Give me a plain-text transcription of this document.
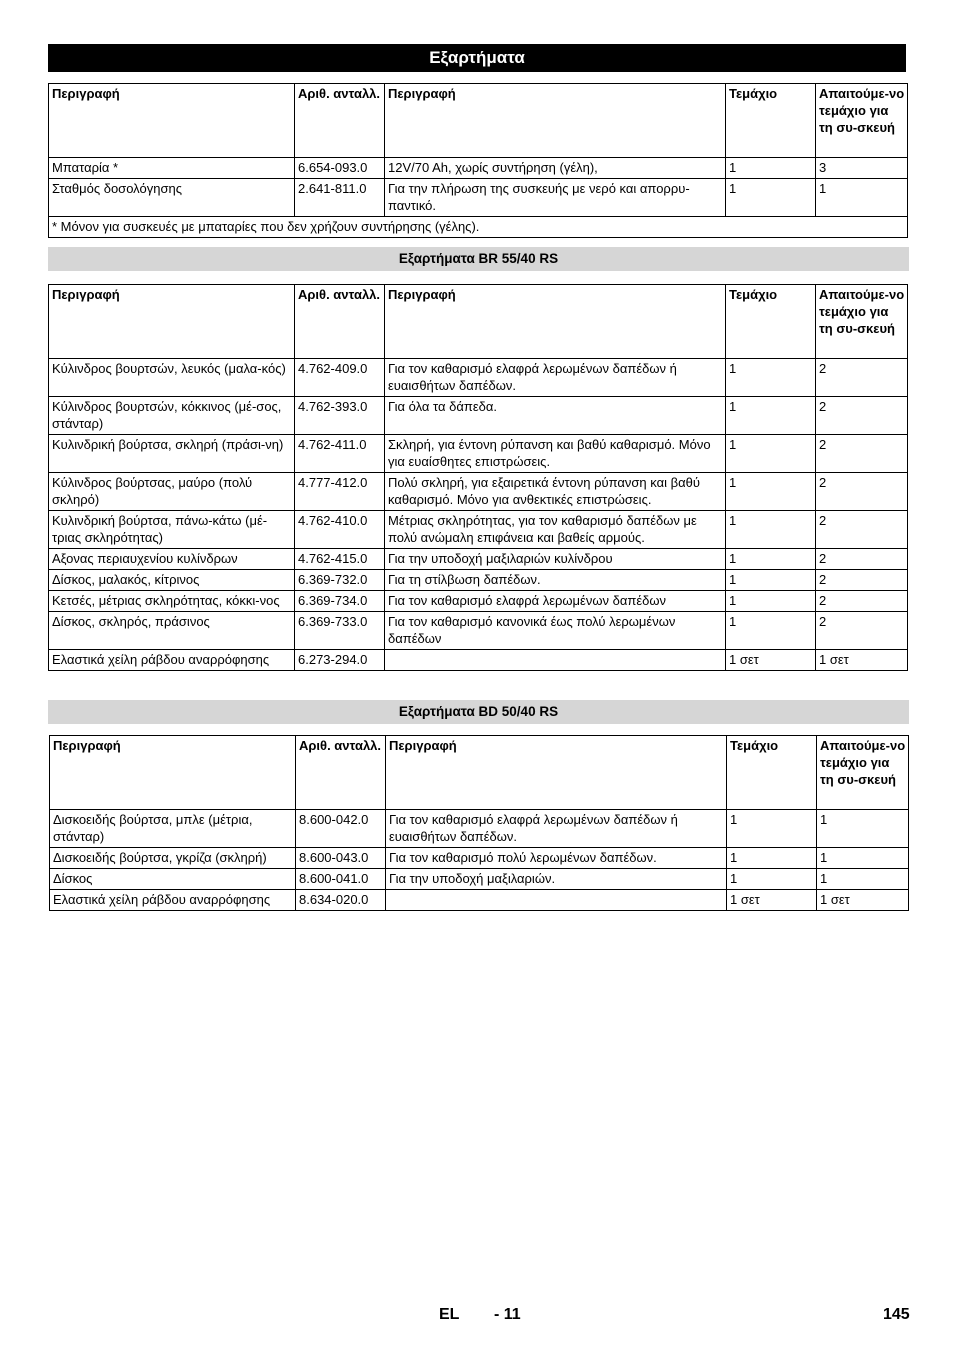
Εξαρτήματα
Περιγραφή	Αριθ. ανταλλ.	Περιγραφή	Τεμάχιο	Απαιτούμε-νο τεμάχιο για τη συ-σκευή
Μπαταρία *	6.654-093.0	12V/70 Ah, χωρίς συντήρηση (γέλη),	1	3
Σταθμός δοσολόγησης	2.641-811.0	Για την πλήρωση της συσκευής με νερό και απορρυ-παντικό.	1	1
* Μόνον για συσκευές με μπαταρίες που δεν χρήζουν συντήρησης (γέλης).				
Εξαρτήματα BR 55/40 RS
Περιγραφή	Αριθ. ανταλλ.	Περιγραφή	Τεμάχιο	Απαιτούμε-νο τεμάχιο για τη συ-σκευή
Κύλινδρος βουρτσών, λευκός (μαλα-κός)	4.762-409.0	Για τον καθαρισμό ελαφρά λερωμένων δαπέδων ή ευαισθήτων δαπέδων.	1	2
Κύλινδρος βουρτσών, κόκκινος (μέ-σος, στάνταρ)	4.762-393.0	Για όλα τα δάπεδα.	1	2
Κυλινδρική βούρτσα, σκληρή (πράσι-νη)	4.762-411.0	Σκληρή, για έντονη ρύπανση και βαθύ καθαρισμό. Μόνο για ευαίσθητες επιστρώσεις.	1	2
Κύλινδρος βούρτσας, μαύρο (πολύ σκληρό)	4.777-412.0	Πολύ σκληρή, για εξαιρετικά έντονη ρύπανση και βαθύ καθαρισμό. Μόνο για ανθεκτικές επιστρώσεις.	1	2
Κυλινδρική βούρτσα, πάνω-κάτω (μέ-τριας σκληρότητας)	4.762-410.0	Μέτριας σκληρότητας, για τον καθαρισμό δαπέδων με πολύ ανώμαλη επιφάνεια και βαθείς αρμούς.	1	2
Αξονας περιαυχενίου κυλίνδρων	4.762-415.0	Για την υποδοχή μαξιλαριών κυλίνδρου	1	2
Δίσκος, μαλακός, κίτρινος	6.369-732.0	Για τη στίλβωση δαπέδων.	1	2
Κετσές, μέτριας σκληρότητας, κόκκι-νος	6.369-734.0	Για τον καθαρισμό ελαφρά λερωμένων δαπέδων	1	2
Δίσκος, σκληρός, πράσινος	6.369-733.0	Για τον καθαρισμό κανονικά έως πολύ λερωμένων δαπέδων	1	2
Ελαστικά χείλη ράβδου αναρρόφησης	6.273-294.0		1 σετ	1 σετ
Εξαρτήματα BD 50/40 RS
Περιγραφή	Αριθ. ανταλλ.	Περιγραφή	Τεμάχιο	Απαιτούμε-νο τεμάχιο για τη συ-σκευή
Δισκοειδής βούρτσα, μπλε (μέτρια, στάνταρ)	8.600-042.0	Για τον καθαρισμό ελαφρά λερωμένων δαπέδων ή ευαισθήτων δαπέδων.	1	1
Δισκοειδής βούρτσα, γκρίζα (σκληρή)	8.600-043.0	Για τον καθαρισμό πολύ λερωμένων δαπέδων.	1	1
Δίσκος	8.600-041.0	Για την υποδοχή μαξιλαριών.	1	1
Ελαστικά χείλη ράβδου αναρρόφησης	8.634-020.0		1 σετ	1 σετ
EL - 11	145
